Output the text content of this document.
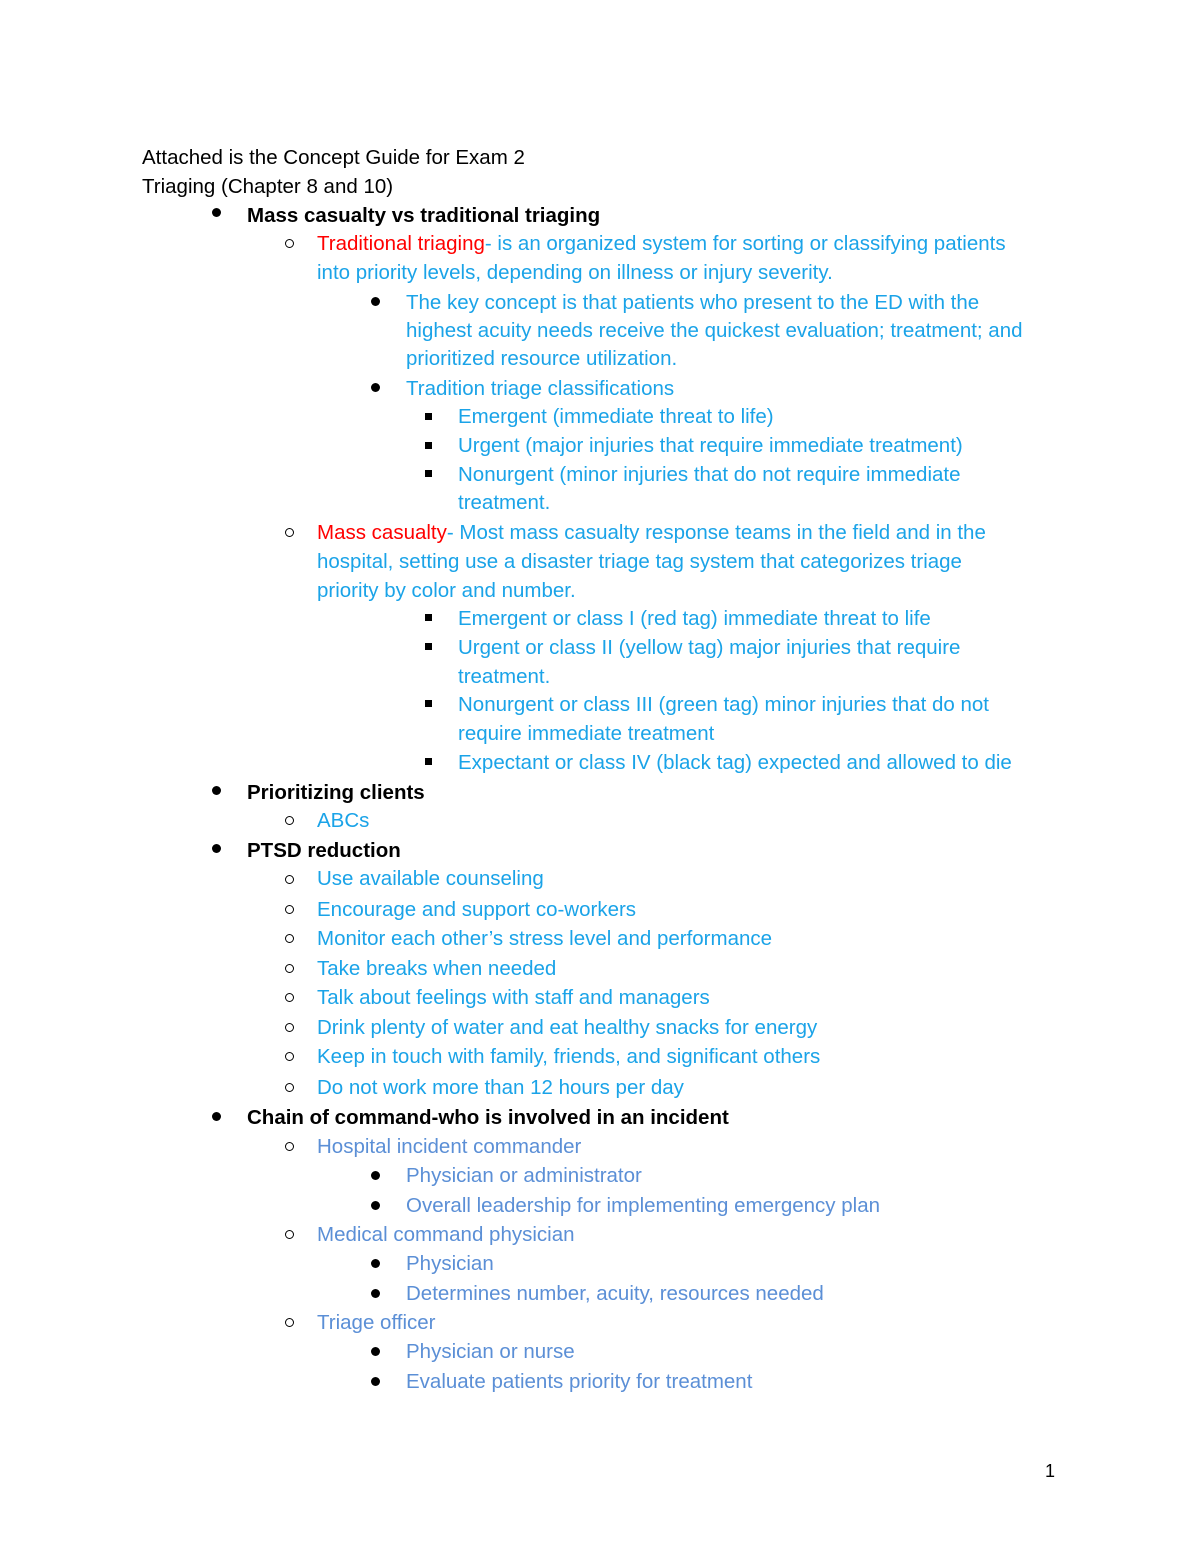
Attached is the Concept Guide for Exam 2
Triaging (Chapter 8 and 10)
Mass casualty vs traditional triaging
Traditional triaging- is an organized system for sorting or classifying patients
into priority levels, depending on illness or injury severity.
The key concept is that patients who present to the ED with the
highest acuity needs receive the quickest evaluation; treatment; and
prioritized resource utilization.
Tradition triage classifications
Emergent (immediate threat to life)
Urgent (major injuries that require immediate treatment)
Nonurgent (minor injuries that do not require immediate
treatment.
Mass casualty- Most mass casualty response teams in the field and in the
hospital, setting use a disaster triage tag system that categorizes triage
priority by color and number.
Emergent or class I (red tag) immediate threat to life
Urgent or class II (yellow tag) major injuries that require
treatment.
Nonurgent or class III (green tag) minor injuries that do not
require immediate treatment
Expectant or class IV (black tag) expected and allowed to die
Prioritizing clients
ABCs
PTSD reduction
Use available counseling
Encourage and support co-workers
Monitor each other’s stress level and performance
Take breaks when needed
Talk about feelings with staff and managers
Drink plenty of water and eat healthy snacks for energy
Keep in touch with family, friends, and significant others
Do not work more than 12 hours per day
Chain of command-who is involved in an incident
Hospital incident commander
Physician or administrator
Overall leadership for implementing emergency plan
Medical command physician
Physician
Determines number, acuity, resources needed
Triage officer
Physician or nurse
Evaluate patients priority for treatment
1
